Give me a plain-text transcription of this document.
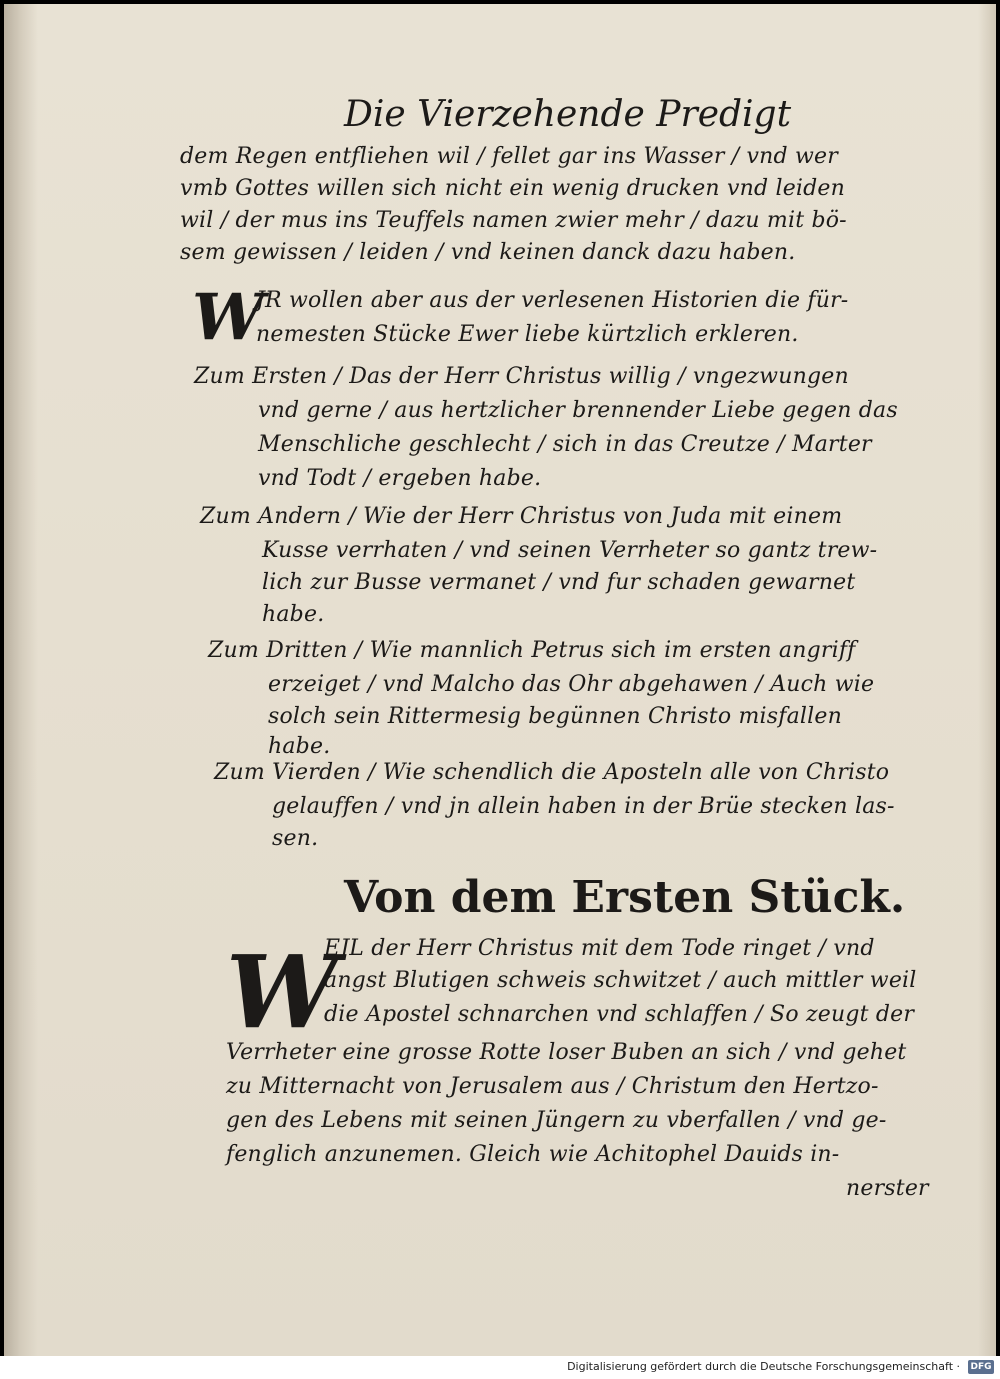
Die Vierzehende Predigt
dem Regen entfliehen wil / fellet gar ins Wasser / vnd wer
vmb Gottes willen sich nicht ein wenig drucken vnd leiden
wil / der mus ins Teuffels namen zwier mehr / dazu mit bö-
sem gewissen / leiden / vnd keinen danck dazu haben.
W
JR wollen aber aus der verlesenen Historien die für-
nemesten Stücke Ewer liebe kürtzlich erkleren.
Zum Ersten / Das der Herr Christus willig / vngezwungen
vnd gerne / aus hertzlicher brennender Liebe gegen das
Menschliche geschlecht / sich in das Creutze / Marter
vnd Todt / ergeben habe.
Zum Andern / Wie der Herr Christus von Juda mit einem
Kusse verrhaten / vnd seinen Verrheter so gantz trew-
lich zur Busse vermanet / vnd fur schaden gewarnet
habe.
Zum Dritten / Wie mannlich Petrus sich im ersten angriff
erzeiget / vnd Malcho das Ohr abgehawen / Auch wie
solch sein Rittermesig begünnen Christo misfallen
habe.
Zum Vierden / Wie schendlich die Aposteln alle von Christo
gelauffen / vnd jn allein haben in der Brüe stecken las-
sen.
Von dem Ersten Stück.
W
EJL der Herr Christus mit dem Tode ringet / vnd
angst Blutigen schweis schwitzet / auch mittler weil
die Apostel schnarchen vnd schlaffen / So zeugt der
Verrheter eine grosse Rotte loser Buben an sich / vnd gehet
zu Mitternacht von Jerusalem aus / Christum den Hertzo-
gen des Lebens mit seinen Jüngern zu vberfallen / vnd ge-
fenglich anzunemen. Gleich wie Achitophel Dauids in-
nerster
Digitalisierung gefördert durch die Deutsche Forschungsgemeinschaft · DFG
